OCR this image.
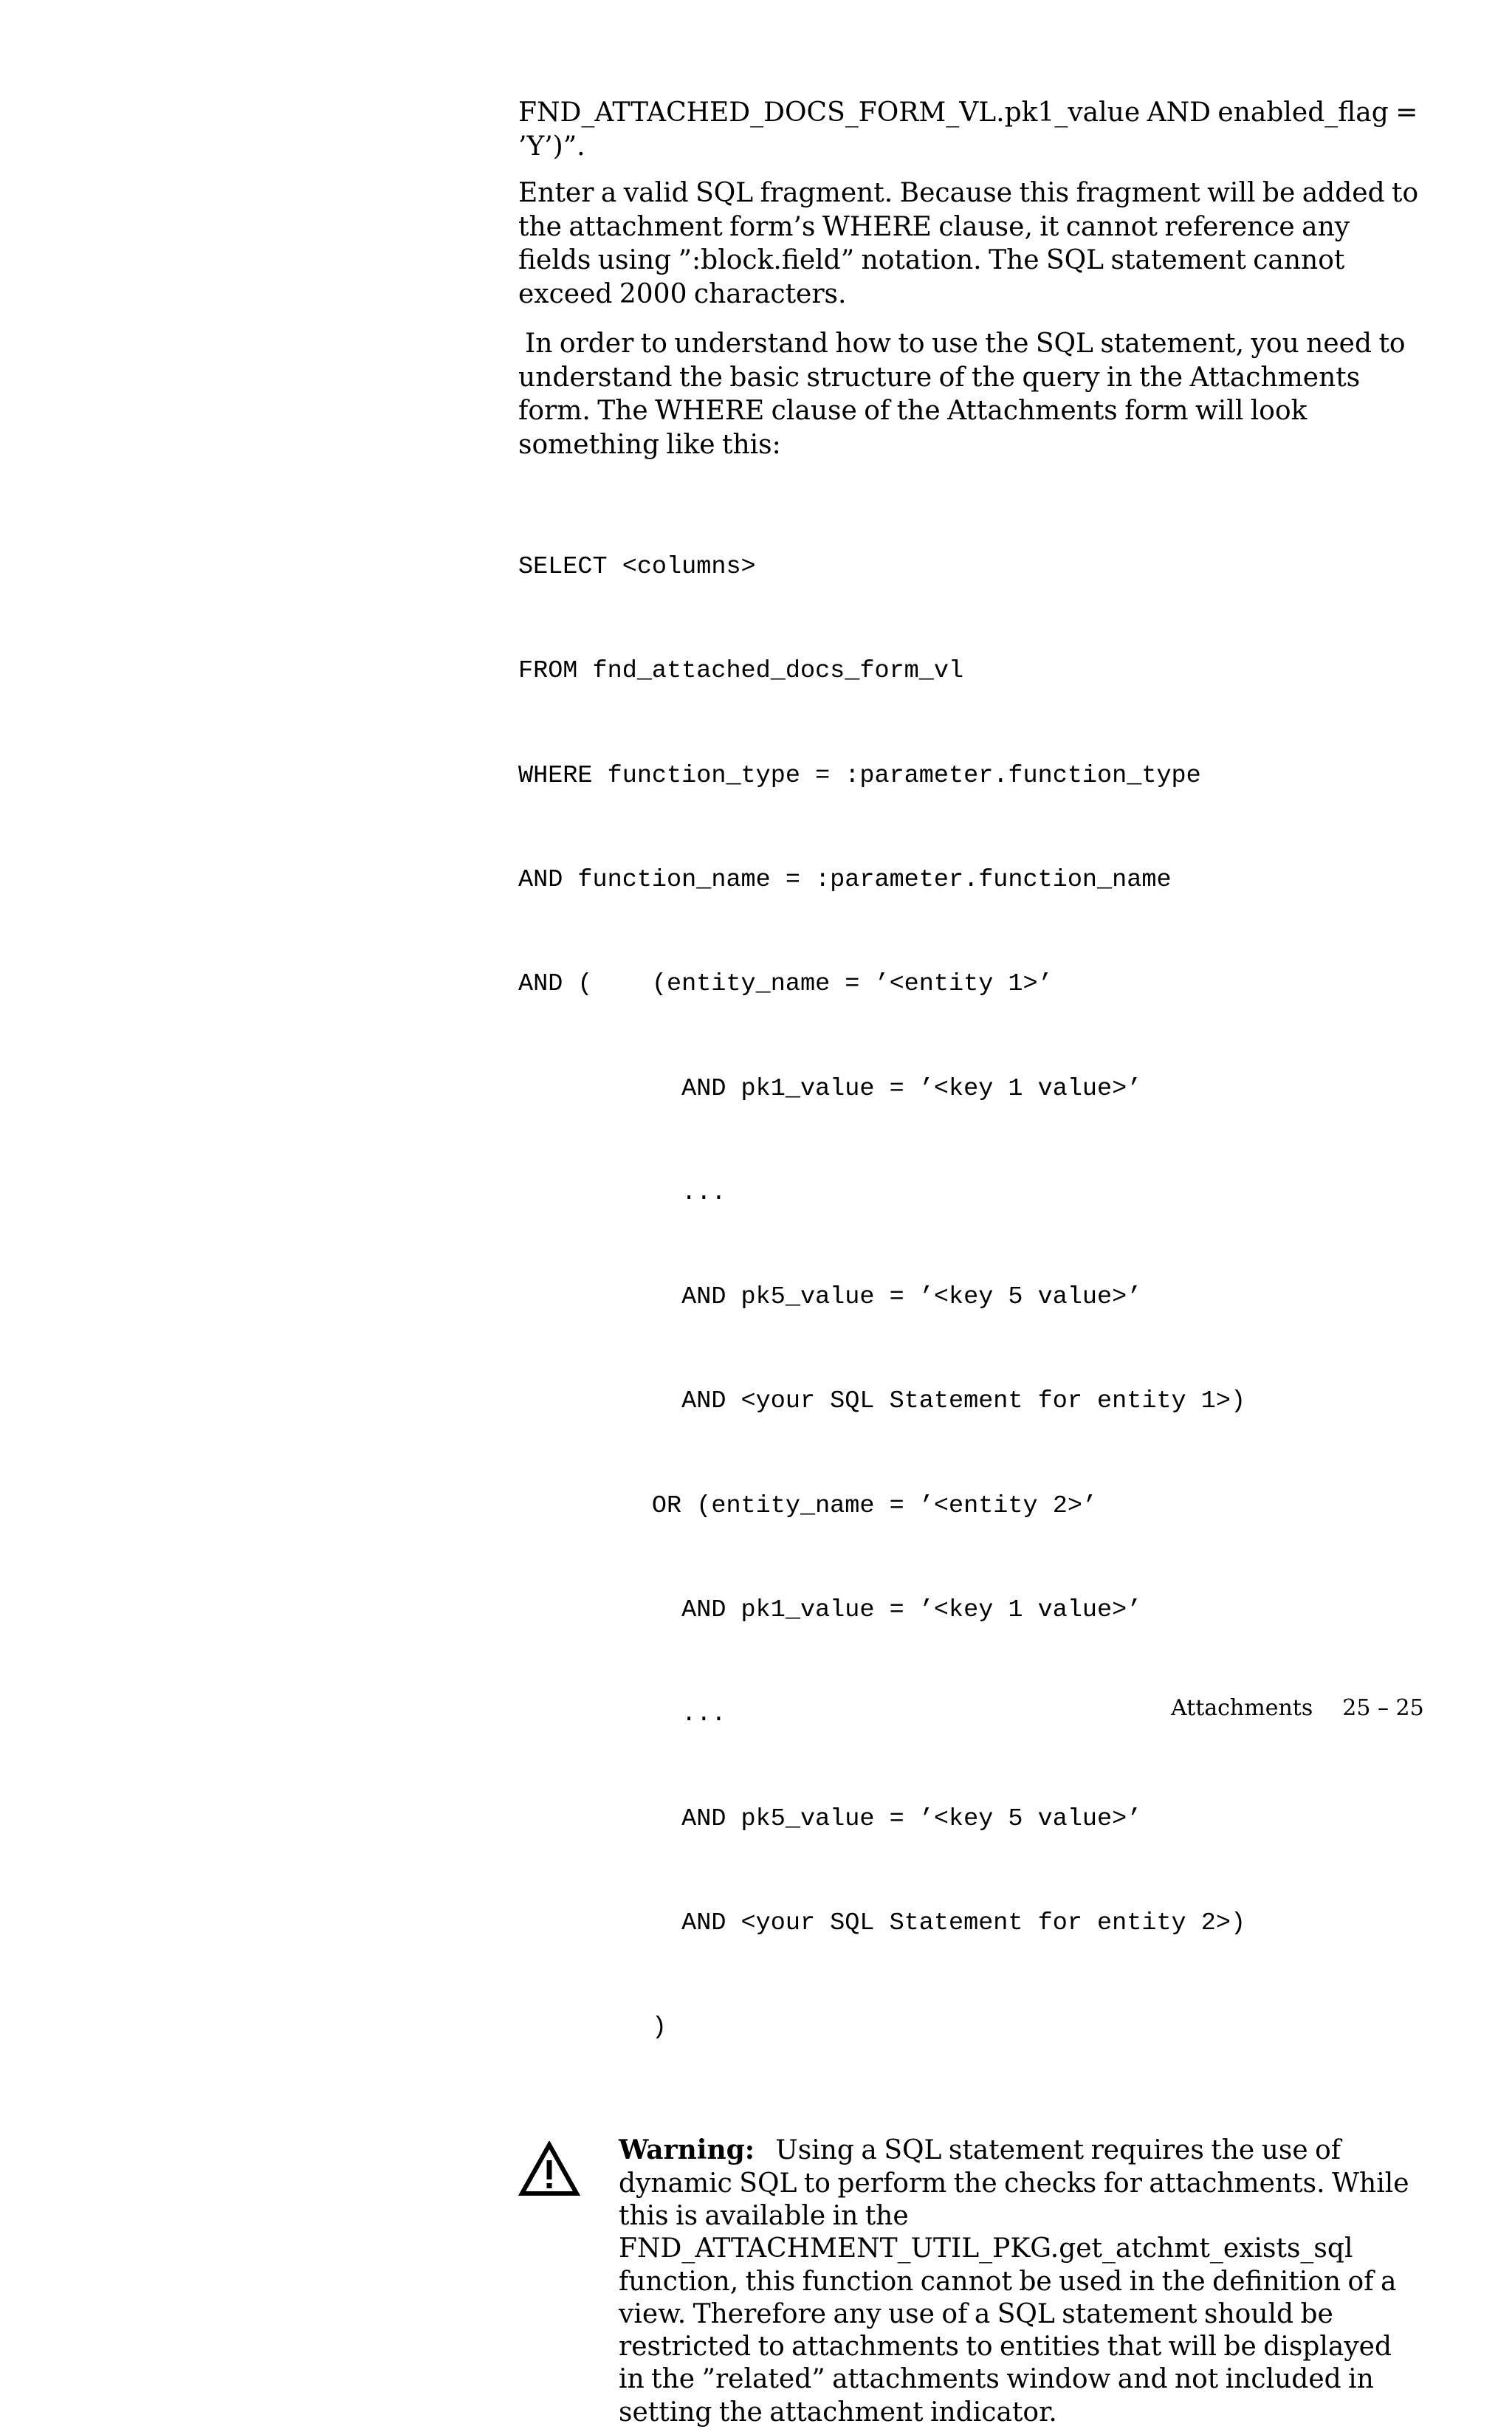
FND_ATTACHED_DOCS_FORM_VL.pk1_value AND enabled_flag = ’Y’)”.

Enter a valid SQL fragment. Because this fragment will be added to the attachment form’s WHERE clause, it cannot reference any fields using ”:block.field” notation. The SQL statement cannot exceed 2000 characters.

In order to understand how to use the SQL statement, you need to understand the basic structure of the query in the Attachments form. The WHERE clause of the Attachments form will look something like this:

SELECT <columns>

FROM fnd_attached_docs_form_vl

WHERE function_type = :parameter.function_type

AND function_name = :parameter.function_name

AND (    (entity_name = ’<entity 1>’

AND pk1_value = ’<key 1 value>’

...

AND pk5_value = ’<key 5 value>’

AND <your SQL Statement for entity 1>)

OR (entity_name = ’<entity 2>’

AND pk1_value = ’<key 1 value>’

...

AND pk5_value = ’<key 5 value>’

AND <your SQL Statement for entity 2>)

)

Warning: Using a SQL statement requires the use of dynamic SQL to perform the checks for attachments. While this is available in the FND_ATTACHMENT_UTIL_PKG.get_atchmt_exists_sql function, this function cannot be used in the definition of a view. Therefore any use of a SQL statement should be restricted to attachments to entities that will be displayed in the ”related” attachments window and not included in setting the attachment indicator.

Attachments 25 – 25
